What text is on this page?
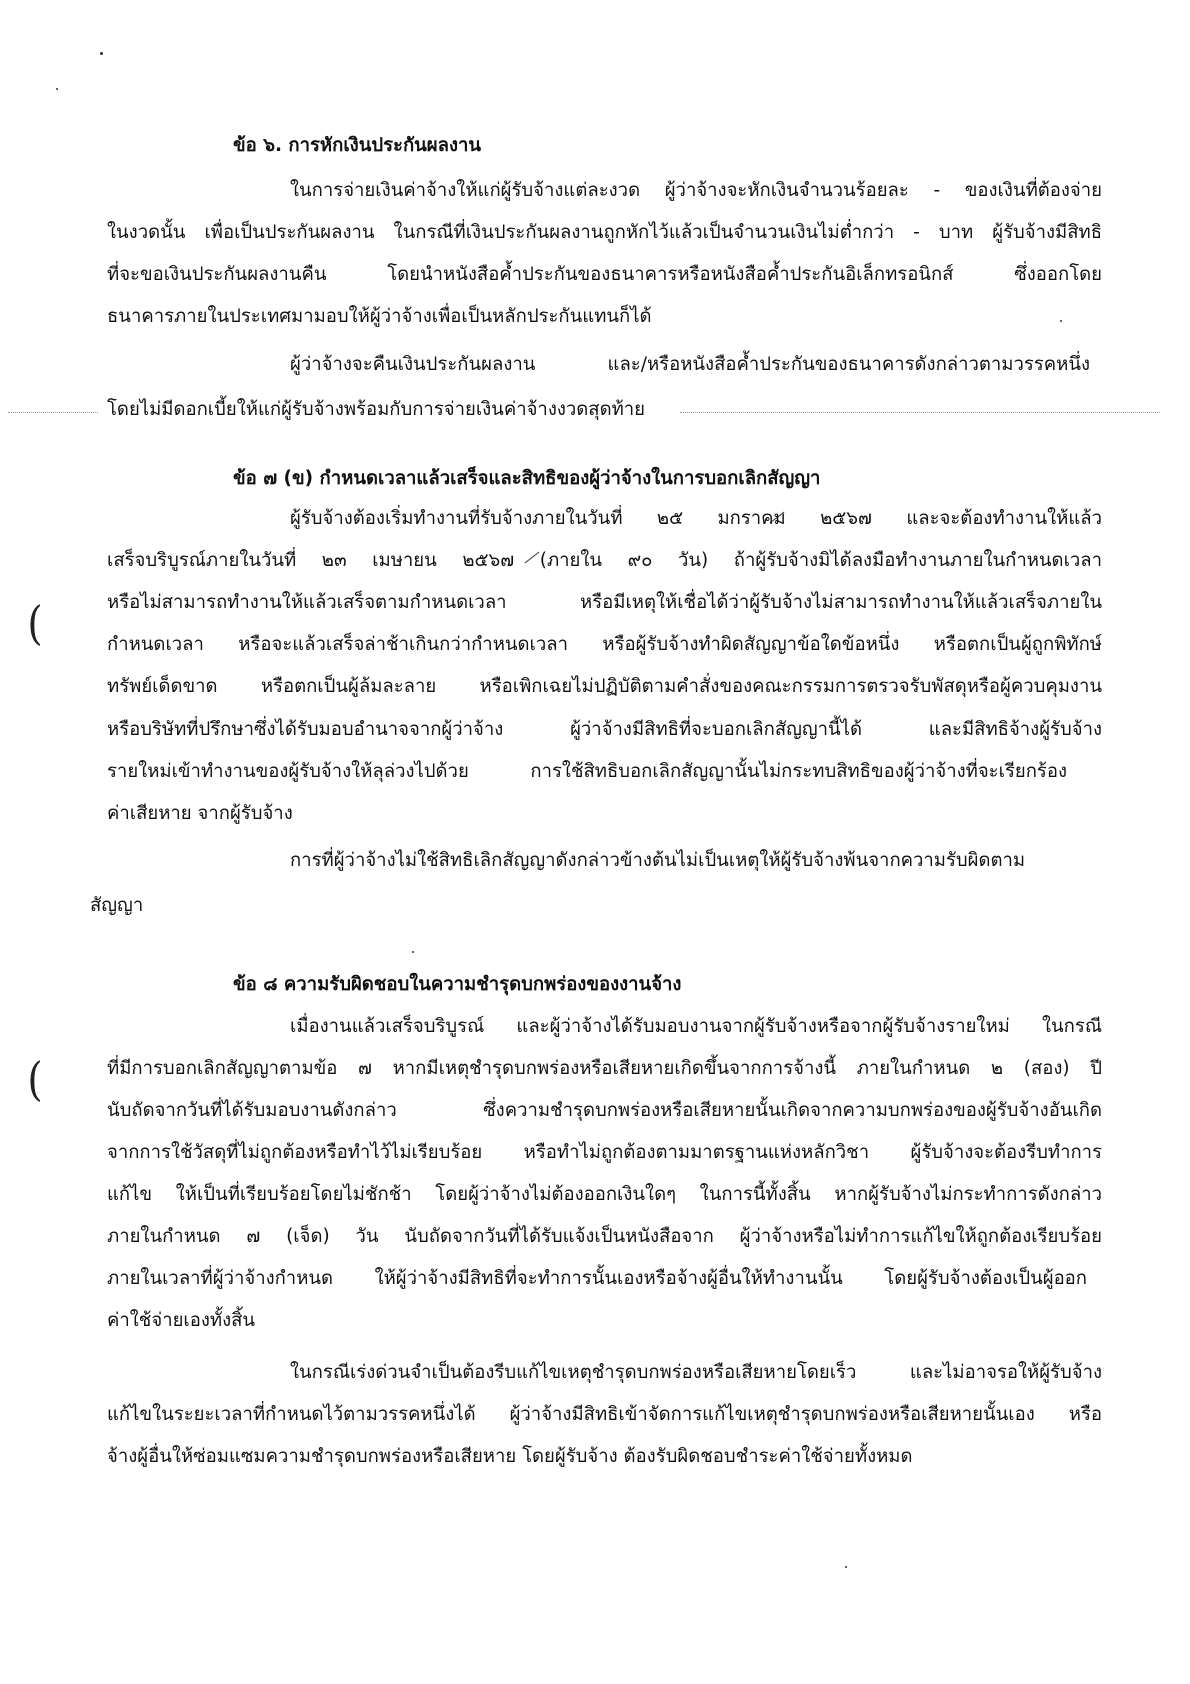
(
(
ข้อ ๖. การหักเงินประกันผลงาน
ในการจ่ายเงินค่าจ้างให้แก่ผู้รับจ้างแต่ละงวด ผู้ว่าจ้างจะหักเงินจำนวนร้อยละ - ของเงินที่ต้องจ่าย
ในงวดนั้น เพื่อเป็นประกันผลงาน ในกรณีที่เงินประกันผลงานถูกหักไว้แล้วเป็นจำนวนเงินไม่ต่ำกว่า - บาท ผู้รับจ้างมีสิทธิ
ที่จะขอเงินประกันผลงานคืน โดยนำหนังสือค้ำประกันของธนาคารหรือหนังสือค้ำประกันอิเล็กทรอนิกส์ ซึ่งออกโดย
ธนาคารภายในประเทศมามอบให้ผู้ว่าจ้างเพื่อเป็นหลักประกันแทนก็ได้
ผู้ว่าจ้างจะคืนเงินประกันผลงาน และ/หรือหนังสือค้ำประกันของธนาคารดังกล่าวตามวรรคหนึ่ง
โดยไม่มีดอกเบี้ยให้แก่ผู้รับจ้างพร้อมกับการจ่ายเงินค่าจ้างงวดสุดท้าย
ข้อ ๗ (ข) กำหนดเวลาแล้วเสร็จและสิทธิของผู้ว่าจ้างในการบอกเลิกสัญญา
ผู้รับจ้างต้องเริ่มทำงานที่รับจ้างภายในวันที่ ๒๕ มกราคม ๒๕๖๗ และจะต้องทำงานให้แล้ว
เสร็จบริบูรณ์ภายในวันที่ ๒๓ เมษายน ๒๕๖๗ (ภายใน ๙๐ วัน) ถ้าผู้รับจ้างมิได้ลงมือทำงานภายในกำหนดเวลา
หรือไม่สามารถทำงานให้แล้วเสร็จตามกำหนดเวลา หรือมีเหตุให้เชื่อได้ว่าผู้รับจ้างไม่สามารถทำงานให้แล้วเสร็จภายใน
กำหนดเวลา หรือจะแล้วเสร็จล่าช้าเกินกว่ากำหนดเวลา หรือผู้รับจ้างทำผิดสัญญาข้อใดข้อหนึ่ง หรือตกเป็นผู้ถูกพิทักษ์
ทรัพย์เด็ดขาด หรือตกเป็นผู้ล้มละลาย หรือเพิกเฉยไม่ปฏิบัติตามคำสั่งของคณะกรรมการตรวจรับพัสดุหรือผู้ควบคุมงาน
หรือบริษัทที่ปรึกษาซึ่งได้รับมอบอำนาจจากผู้ว่าจ้าง ผู้ว่าจ้างมีสิทธิที่จะบอกเลิกสัญญานี้ได้ และมีสิทธิจ้างผู้รับจ้าง
รายใหม่เข้าทำงานของผู้รับจ้างให้ลุล่วงไปด้วย การใช้สิทธิบอกเลิกสัญญานั้นไม่กระทบสิทธิของผู้ว่าจ้างที่จะเรียกร้อง
ค่าเสียหาย จากผู้รับจ้าง
การที่ผู้ว่าจ้างไม่ใช้สิทธิเลิกสัญญาดังกล่าวข้างต้นไม่เป็นเหตุให้ผู้รับจ้างพ้นจากความรับผิดตาม
สัญญา
ข้อ ๘ ความรับผิดชอบในความชำรุดบกพร่องของงานจ้าง
เมื่องานแล้วเสร็จบริบูรณ์ และผู้ว่าจ้างได้รับมอบงานจากผู้รับจ้างหรือจากผู้รับจ้างรายใหม่ ในกรณี
ที่มีการบอกเลิกสัญญาตามข้อ ๗ หากมีเหตุชำรุดบกพร่องหรือเสียหายเกิดขึ้นจากการจ้างนี้ ภายในกำหนด ๒ (สอง) ปี
นับถัดจากวันที่ได้รับมอบงานดังกล่าว ซึ่งความชำรุดบกพร่องหรือเสียหายนั้นเกิดจากความบกพร่องของผู้รับจ้างอันเกิด
จากการใช้วัสดุที่ไม่ถูกต้องหรือทำไว้ไม่เรียบร้อย หรือทำไม่ถูกต้องตามมาตรฐานแห่งหลักวิชา ผู้รับจ้างจะต้องรีบทำการ
แก้ไข ให้เป็นที่เรียบร้อยโดยไม่ชักช้า โดยผู้ว่าจ้างไม่ต้องออกเงินใดๆ ในการนี้ทั้งสิ้น หากผู้รับจ้างไม่กระทำการดังกล่าว
ภายในกำหนด ๗ (เจ็ด) วัน นับถัดจากวันที่ได้รับแจ้งเป็นหนังสือจาก ผู้ว่าจ้างหรือไม่ทำการแก้ไขให้ถูกต้องเรียบร้อย
ภายในเวลาที่ผู้ว่าจ้างกำหนด ให้ผู้ว่าจ้างมีสิทธิที่จะทำการนั้นเองหรือจ้างผู้อื่นให้ทำงานนั้น โดยผู้รับจ้างต้องเป็นผู้ออก
ค่าใช้จ่ายเองทั้งสิ้น
ในกรณีเร่งด่วนจำเป็นต้องรีบแก้ไขเหตุชำรุดบกพร่องหรือเสียหายโดยเร็ว และไม่อาจรอให้ผู้รับจ้าง
แก้ไขในระยะเวลาที่กำหนดไว้ตามวรรคหนึ่งได้ ผู้ว่าจ้างมีสิทธิเข้าจัดการแก้ไขเหตุชำรุดบกพร่องหรือเสียหายนั้นเอง หรือ
จ้างผู้อื่นให้ซ่อมแซมความชำรุดบกพร่องหรือเสียหาย โดยผู้รับจ้าง ต้องรับผิดชอบชำระค่าใช้จ่ายทั้งหมด
